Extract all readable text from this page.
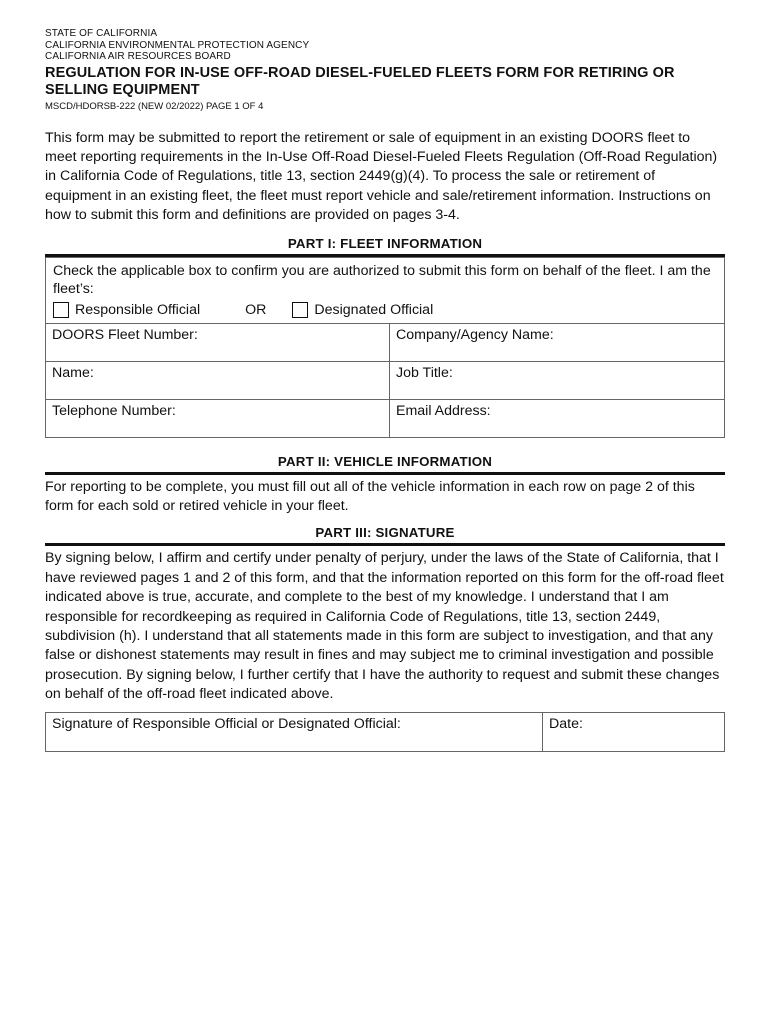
STATE OF CALIFORNIA
CALIFORNIA ENVIRONMENTAL PROTECTION AGENCY
CALIFORNIA AIR RESOURCES BOARD
REGULATION FOR IN-USE OFF-ROAD DIESEL-FUELED FLEETS FORM FOR RETIRING OR SELLING EQUIPMENT
MSCD/HDORSB-222 (NEW 02/2022) PAGE 1 OF 4
This form may be submitted to report the retirement or sale of equipment in an existing DOORS fleet to meet reporting requirements in the In-Use Off-Road Diesel-Fueled Fleets Regulation (Off-Road Regulation) in California Code of Regulations, title 13, section 2449(g)(4). To process the sale or retirement of equipment in an existing fleet, the fleet must report vehicle and sale/retirement information. Instructions on how to submit this form and definitions are provided on pages 3-4.
PART I: FLEET INFORMATION
Check the applicable box to confirm you are authorized to submit this form on behalf of the fleet. I am the fleet’s:
Responsible Official OR Designated Official	

DOORS Fleet Number:	Company/Agency Name:
Name:	Job Title:
Telephone Number:	Email Address:
PART II: VEHICLE INFORMATION
For reporting to be complete, you must fill out all of the vehicle information in each row on page 2 of this form for each sold or retired vehicle in your fleet.
PART III: SIGNATURE
By signing below, I affirm and certify under penalty of perjury, under the laws of the State of California, that I have reviewed pages 1 and 2 of this form, and that the information reported on this form for the off-road fleet indicated above is true, accurate, and complete to the best of my knowledge. I understand that I am responsible for recordkeeping as required in California Code of Regulations, title 13, section 2449, subdivision (h). I understand that all statements made in this form are subject to investigation, and that any false or dishonest statements may result in fines and may subject me to criminal investigation and possible prosecution. By signing below, I further certify that I have the authority to request and submit these changes on behalf of the off-road fleet indicated above.
Signature of Responsible Official or Designated Official:	Date:
